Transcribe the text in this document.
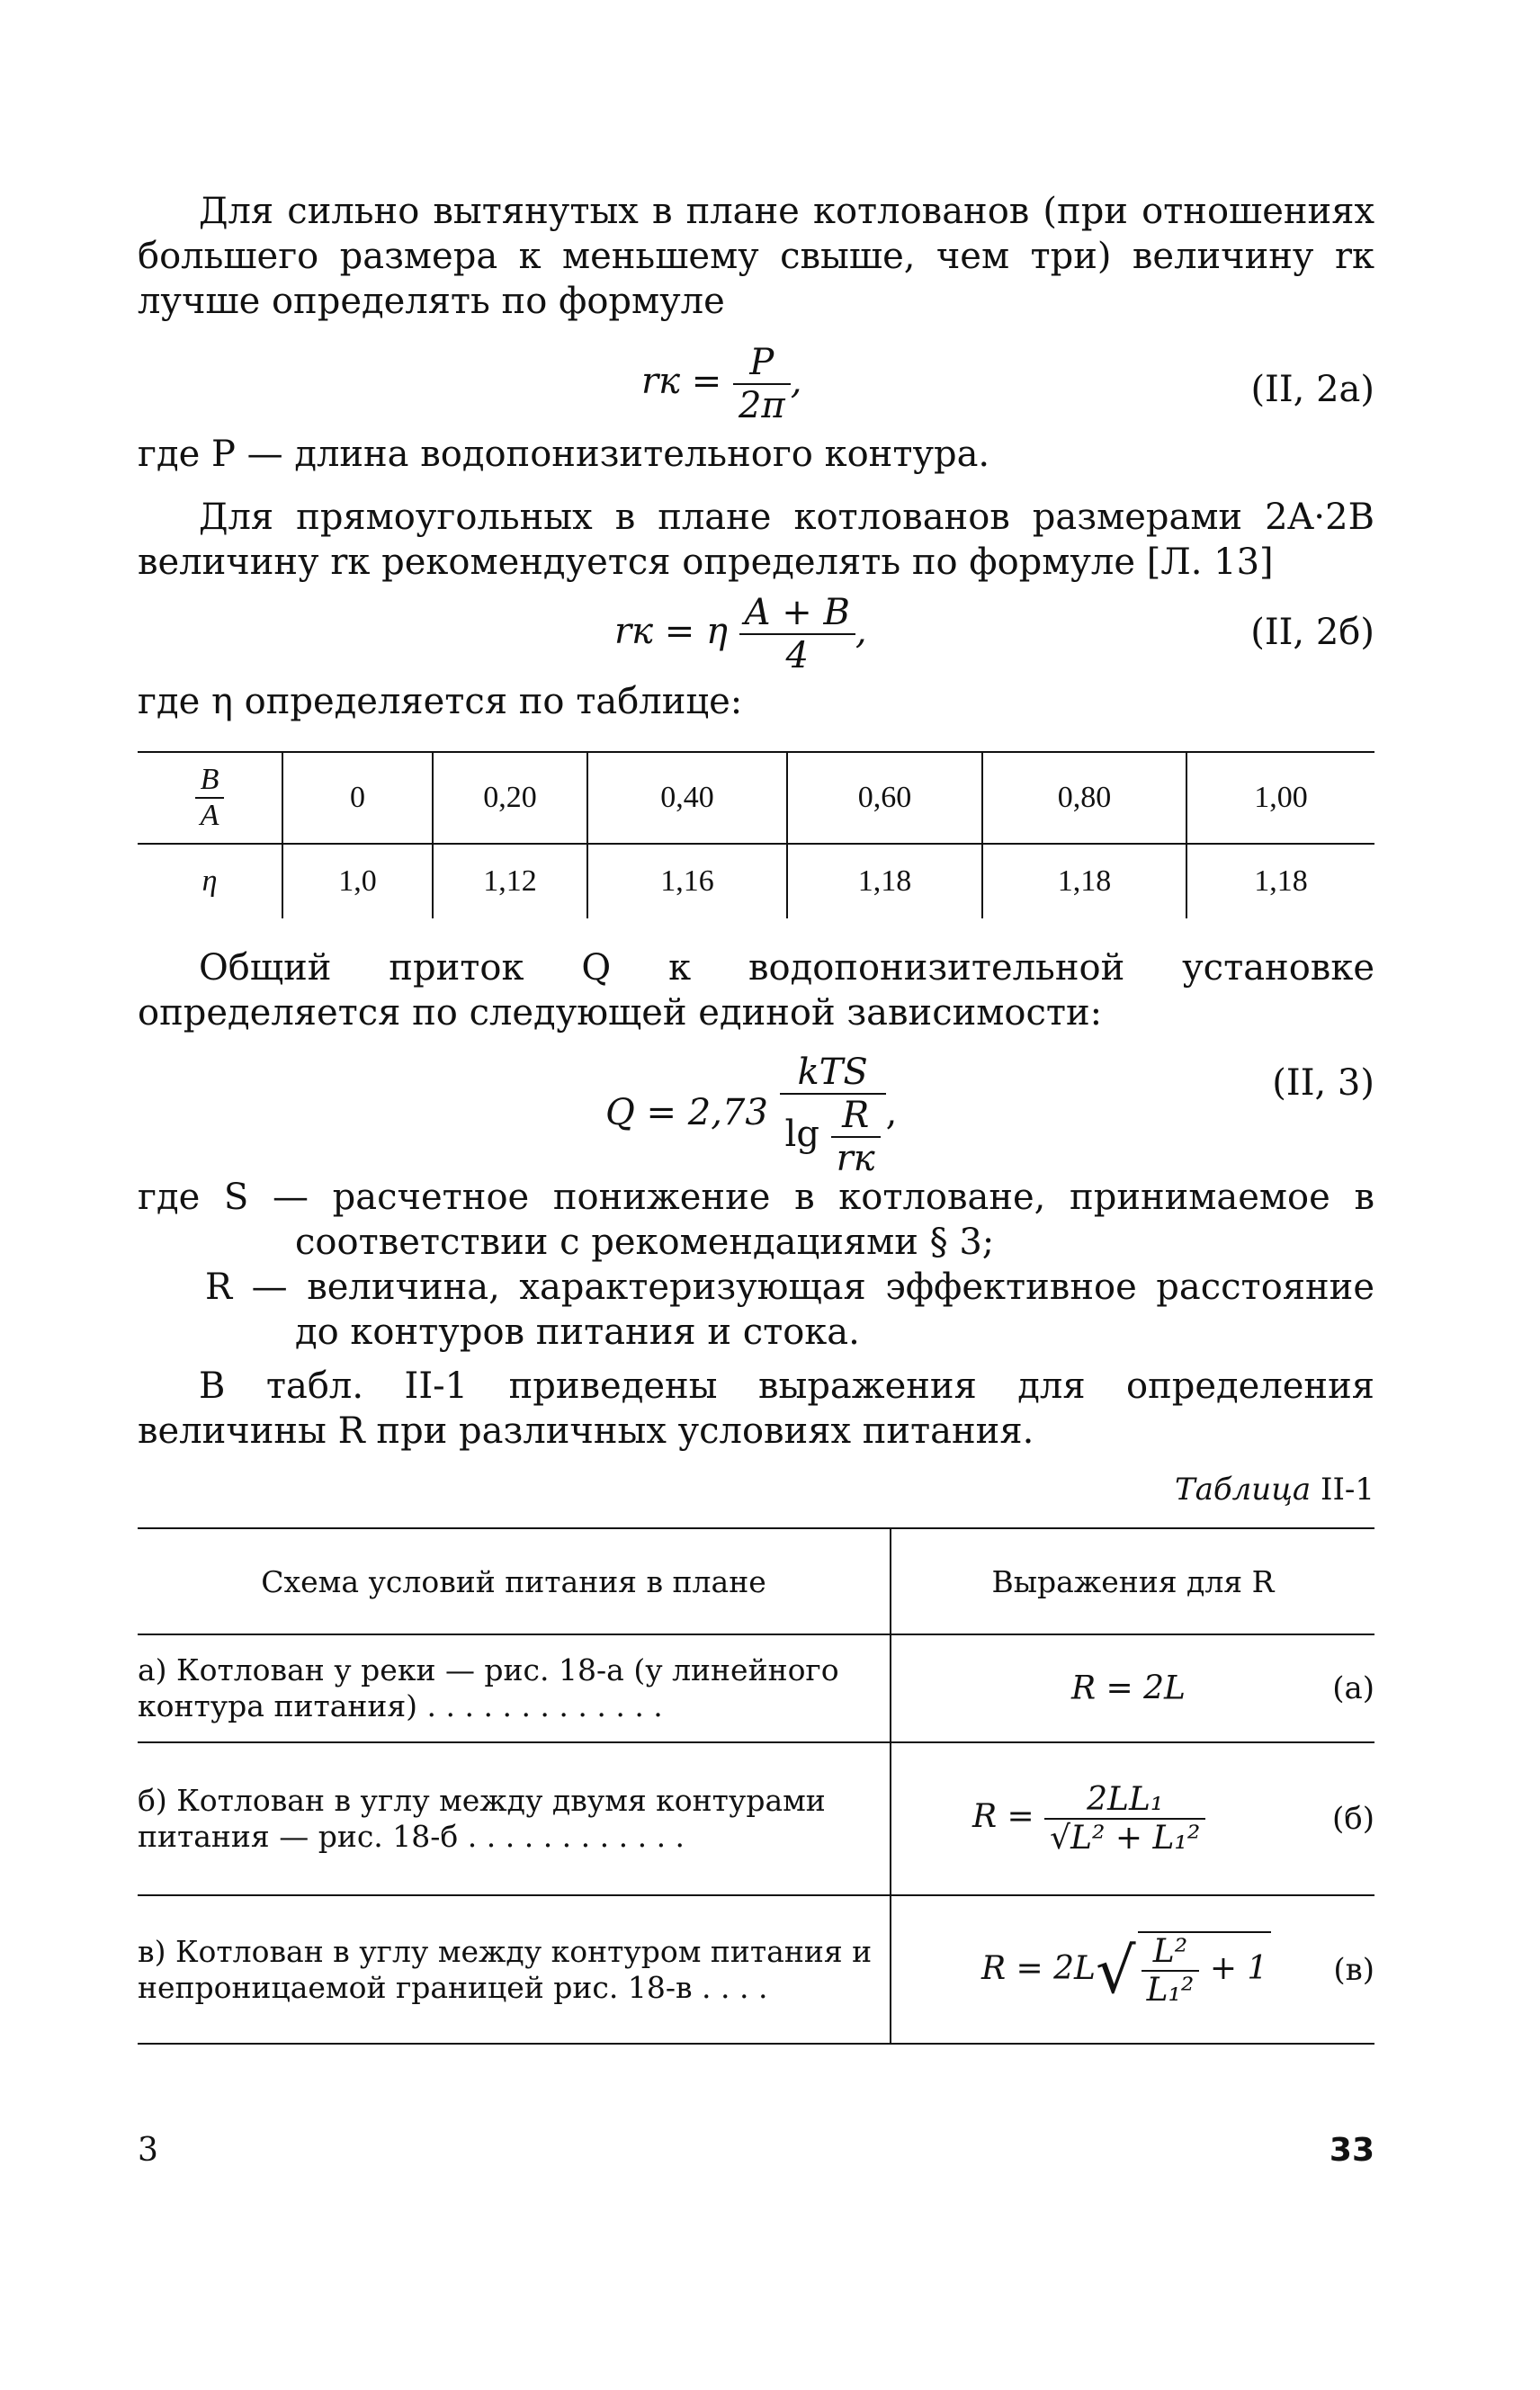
Для сильно вытянутых в плане котлованов (при отношениях большего размера к меньшему свыше, чем три) величину rк лучше определять по формуле

rк = $\frac{P}{2\pi}$ ,	(II, 2а)

где P — длина водопонизительного контура.

Для прямоугольных в плане котлованов размерами 2A·2B величину rк рекомендуется определять по формуле [Л. 13]

rк = η $\frac{A + B}{4}$ ,	(II, 2б)

где η определяется по таблице:

$\frac{B}{A}$	0	0,20	0,40	0,60	0,80	1,00
η	1,0	1,12	1,16	1,18	1,18	1,18

Общий приток Q к водопонизительной установке определяется по следующей единой зависимости:

$Q = 2,73 \frac{\text{kTS}}{\lg \frac{R}{rк}}$ ,
(II, 3)

где S — расчетное понижение в котловане, принимаемое в соответствии с рекомендациями § 3;

R — величина, характеризующая эффективное расстояние до контуров питания и стока.

В табл. II-1 приведены выражения для определения величины R при различных условиях питания.

Таблица II-1
Схема условий питания в плане	Выражения для R

а) Котлован у реки — рис. 18-а (у линейного контура питания) . . . . . . . . . . . . .	R = 2L (а)

б) Котлован в углу между двумя контурами питания — рис. 18-б . . . . . . . . . . . .	$R = \frac{\text{2LL₁}}{\text{√L² + L₁²}} (б)$

в) Котлован в углу между контуром питания и непроницаемой границей рис. 18-в . . . .	$R = 2L√ \frac{\text{L²}}{\text{L₁²}} + 1$ (в)
3	33
